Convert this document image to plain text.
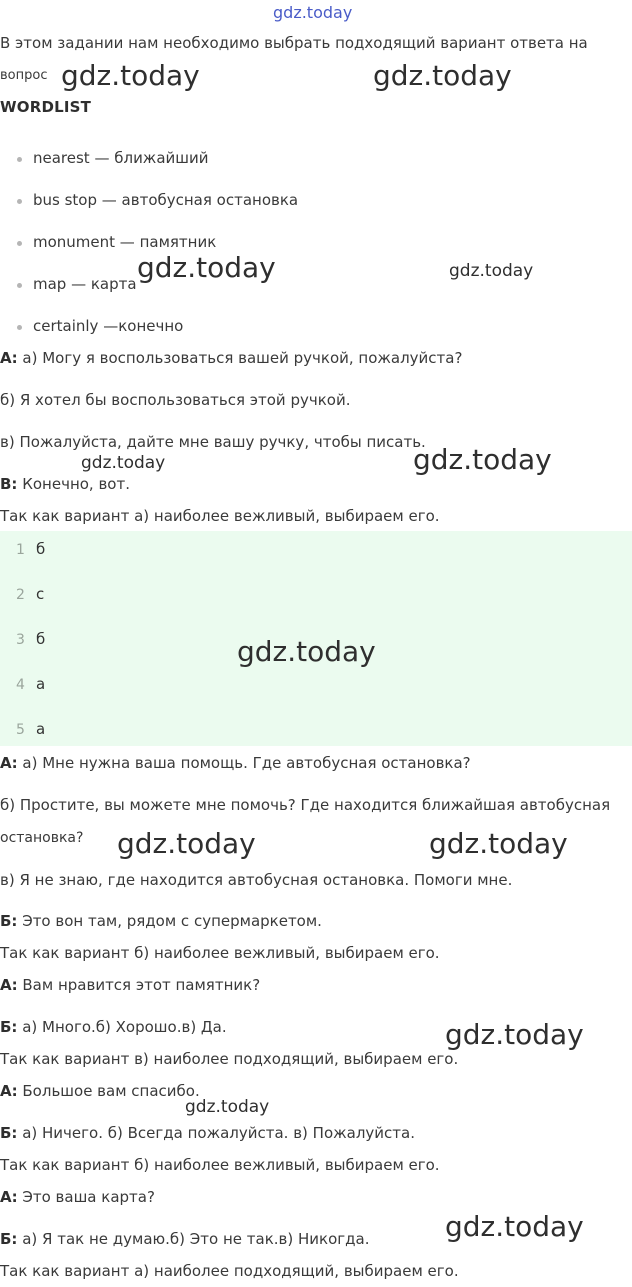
gdz.today
В этом задании нам необходимо выбрать подходящий вариант ответа на
вопрос
WORDLIST
nearest — ближайший
bus stop — автобусная остановка
monument — памятник
map — карта
certainly —конечно
А: а) Могу я воспользоваться вашей ручкой, пожалуйста?
б) Я хотел бы воспользоваться этой ручкой.
в) Пожалуйста, дайте мне вашу ручку, чтобы писать.
B: Конечно, вот.
Так как вариант а) наиболее вежливый, выбираем его.
1 б
2 с
3 б
4 а
5 а
А: а) Мне нужна ваша помощь. Где автобусная остановка?
б) Простите, вы можете мне помочь? Где находится ближайшая автобусная
остановка?
в) Я не знаю, где находится автобусная остановка. Помоги мне.
Б: Это вон там, рядом с супермаркетом.
Так как вариант б) наиболее вежливый, выбираем его.
А: Вам нравится этот памятник?
Б: а) Много.б) Хорошо.в) Да.
Так как вариант в) наиболее подходящий, выбираем его.
А: Большое вам спасибо.
Б: а) Ничего. б) Всегда пожалуйста. в) Пожалуйста.
Так как вариант б) наиболее вежливый, выбираем его.
А: Это ваша карта?
Б: а) Я так не думаю.б) Это не так.в) Никогда.
Так как вариант а) наиболее подходящий, выбираем его.
gdz.today	gdz.today
gdz.today	gdz.today
gdz.today	gdz.today
gdz.today
gdz.today	gdz.today
gdz.today
gdz.today
gdz.today
